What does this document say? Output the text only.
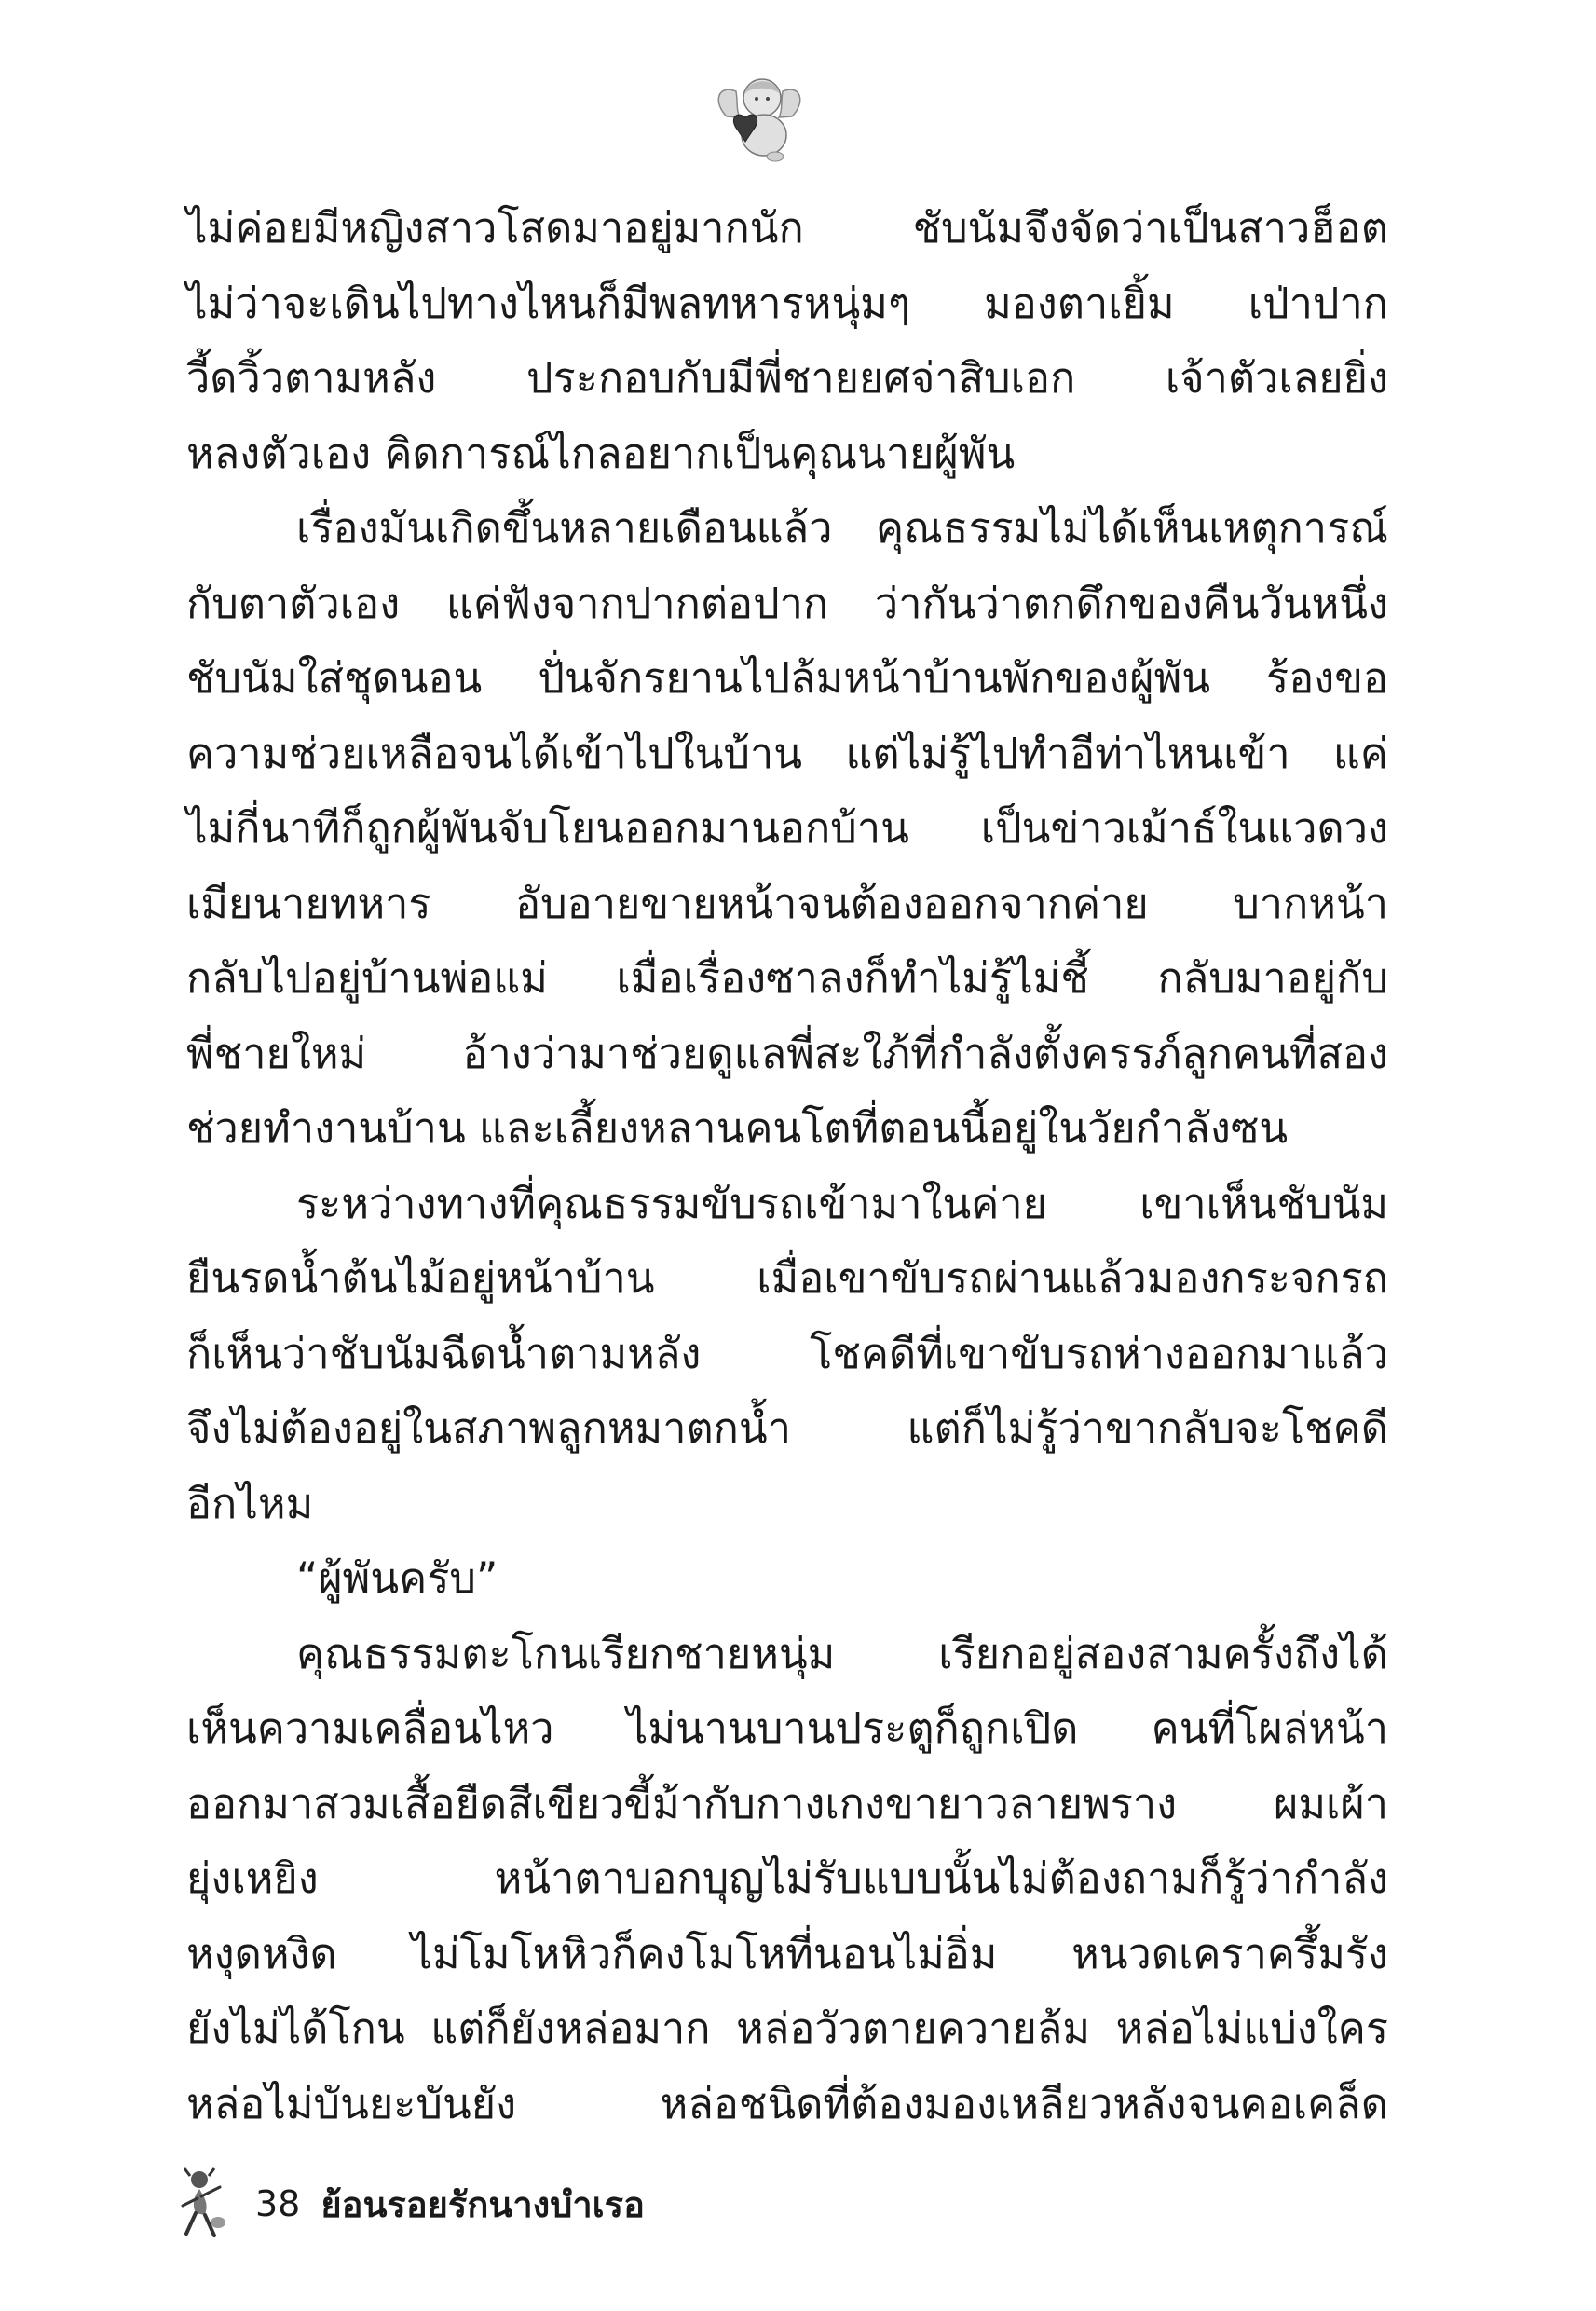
ไม่ค่อยมีหญิงสาวโสดมาอยู่มากนัก ชับนัมจึงจัดว่าเป็นสาวฮ็อต
ไม่ว่าจะเดินไปทางไหนก็มีพลทหารหนุ่มๆ มองตาเยิ้ม เป่าปาก
วี้ดวิ้วตามหลัง ประกอบกับมีพี่ชายยศจ่าสิบเอก เจ้าตัวเลยยิ่ง
หลงตัวเอง คิดการณ์ไกลอยากเป็นคุณนายผู้พัน
เรื่องมันเกิดขึ้นหลายเดือนแล้ว คุณธรรมไม่ได้เห็นเหตุการณ์
กับตาตัวเอง แค่ฟังจากปากต่อปาก ว่ากันว่าตกดึกของคืนวันหนึ่ง
ชับนัมใส่ชุดนอน ปั่นจักรยานไปล้มหน้าบ้านพักของผู้พัน ร้องขอ
ความช่วยเหลือจนได้เข้าไปในบ้าน แต่ไม่รู้ไปทำอีท่าไหนเข้า แค่
ไม่กี่นาทีก็ถูกผู้พันจับโยนออกมานอกบ้าน เป็นข่าวเม้าธ์ในแวดวง
เมียนายทหาร อับอายขายหน้าจนต้องออกจากค่าย บากหน้า
กลับไปอยู่บ้านพ่อแม่ เมื่อเรื่องซาลงก็ทำไม่รู้ไม่ชี้ กลับมาอยู่กับ
พี่ชายใหม่ อ้างว่ามาช่วยดูแลพี่สะใภ้ที่กำลังตั้งครรภ์ลูกคนที่สอง
ช่วยทำงานบ้าน และเลี้ยงหลานคนโตที่ตอนนี้อยู่ในวัยกำลังซน
ระหว่างทางที่คุณธรรมขับรถเข้ามาในค่าย เขาเห็นชับนัม
ยืนรดน้ำต้นไม้อยู่หน้าบ้าน เมื่อเขาขับรถผ่านแล้วมองกระจกรถ
ก็เห็นว่าชับนัมฉีดน้ำตามหลัง โชคดีที่เขาขับรถห่างออกมาแล้ว
จึงไม่ต้องอยู่ในสภาพลูกหมาตกน้ำ แต่ก็ไม่รู้ว่าขากลับจะโชคดี
อีกไหม
“ผู้พันครับ”
คุณธรรมตะโกนเรียกชายหนุ่ม เรียกอยู่สองสามครั้งถึงได้
เห็นความเคลื่อนไหว ไม่นานบานประตูก็ถูกเปิด คนที่โผล่หน้า
ออกมาสวมเสื้อยืดสีเขียวขี้ม้ากับกางเกงขายาวลายพราง ผมเผ้า
ยุ่งเหยิง หน้าตาบอกบุญไม่รับแบบนั้นไม่ต้องถามก็รู้ว่ากำลัง
หงุดหงิด ไม่โมโหหิวก็คงโมโหที่นอนไม่อิ่ม หนวดเคราครึ้มรัง
ยังไม่ได้โกน แต่ก็ยังหล่อมาก หล่อวัวตายควายล้ม หล่อไม่แบ่งใคร
หล่อไม่บันยะบันยัง หล่อชนิดที่ต้องมองเหลียวหลังจนคอเคล็ด
38 ย้อนรอยรักนางบำเรอ
